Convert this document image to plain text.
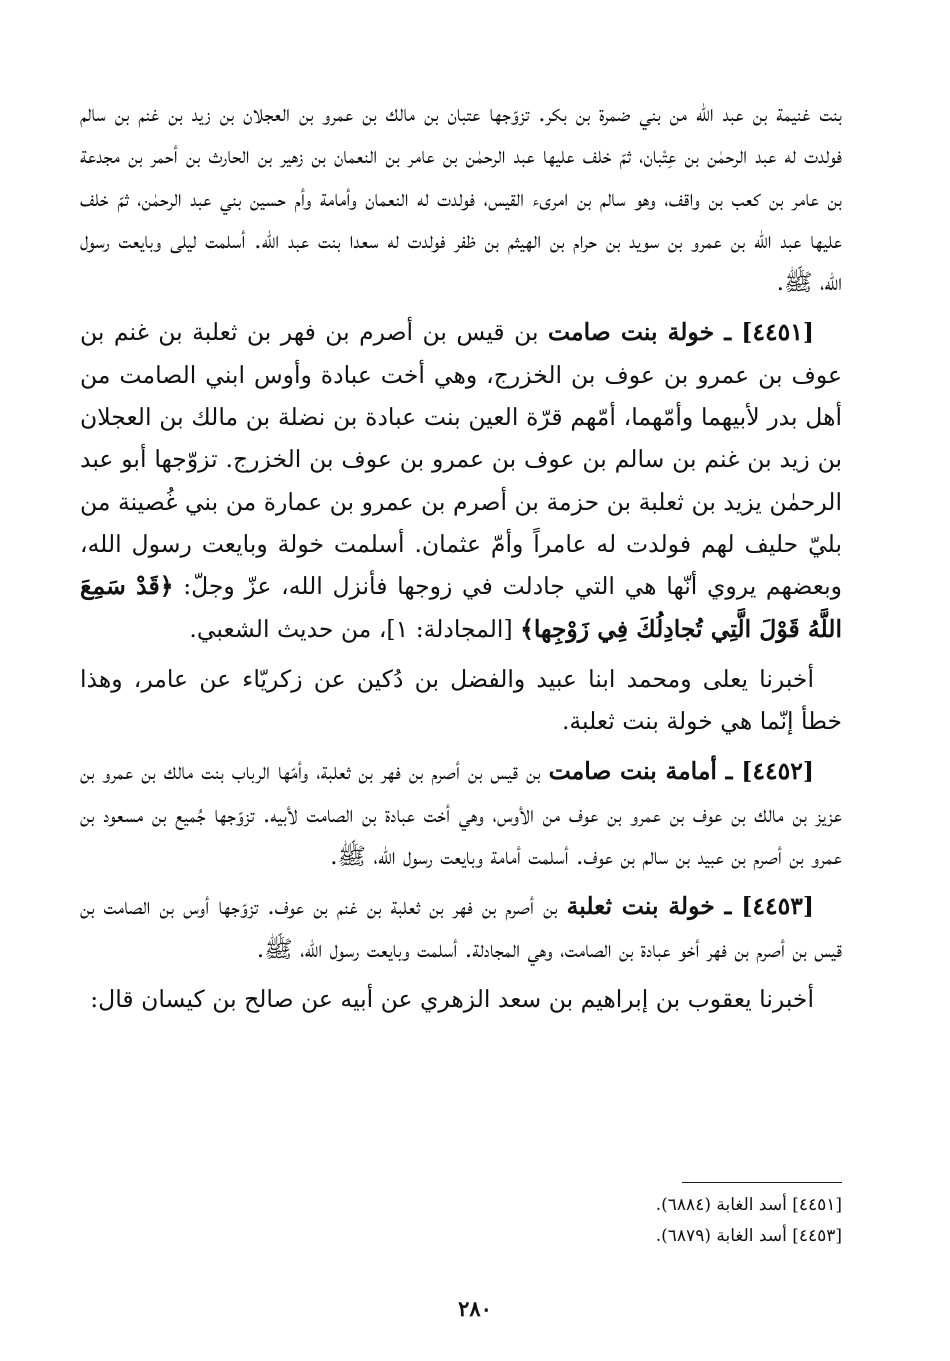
بنت غنيمة بن عبد الله من بني ضمرة بن بكر. تزوّجها عتبان بن مالك بن عمرو بن العجلان بن زيد بن غنم بن سالم فولدت له عبد الرحمٰن بن عِتْبان، ثمّ خلف عليها عبد الرحمٰن بن عامر بن النعمان بن زهير بن الحارث بن أحمر بن مجدعة بن عامر بن كعب بن واقف، وهو سالم بن امرىء القيس، فولدت له النعمان وأمامة وأم حسين بني عبد الرحمٰن، ثمّ خلف عليها عبد الله بن عمرو بن سويد بن حرام بن الهيثم بن ظفر فولدت له سعدا بنت عبد الله. أسلمت ليلى وبايعت رسول الله، ﷺ.

[٤٤٥١] ـ خولة بنت صامت بن قيس بن أصرم بن فهر بن ثعلبة بن غنم بن عوف بن عمرو بن عوف بن الخزرج، وهي أخت عبادة وأوس ابني الصامت من أهل بدر لأبيهما وأمّهما، أمّهم قرّة العين بنت عبادة بن نضلة بن مالك بن العجلان بن زيد بن غنم بن سالم بن عوف بن عمرو بن عوف بن الخزرج. تزوّجها أبو عبد الرحمٰن يزيد بن ثعلبة بن حزمة بن أصرم بن عمرو بن عمارة من بني غُصينة من بليّ حليف لهم فولدت له عامراً وأمّ عثمان. أسلمت خولة وبايعت رسول الله، وبعضهم يروي أنّها هي التي جادلت في زوجها فأنزل الله، عزّ وجلّ: ﴿قَدْ سَمِعَ اللَّهُ قَوْلَ الَّتِي تُجادِلُكَ فِي زَوْجِها﴾ [المجادلة: ١]، من حديث الشعبي.

أخبرنا يعلى ومحمد ابنا عبيد والفضل بن دُكين عن زكريّاء عن عامر، وهذا خطأ إنّما هي خولة بنت ثعلبة.

[٤٤٥٢] ـ أمامة بنت صامت بن قيس بن أصرم بن فهر بن ثعلبة، وأمّها الرباب بنت مالك بن عمرو بن عزيز بن مالك بن عوف بن عمرو بن عوف من الأوس، وهي أخت عبادة بن الصامت لأبيه. تزوّجها جُميع بن مسعود بن عمرو بن أصرم بن عبيد بن سالم بن عوف. أسلمت أمامة وبايعت رسول الله، ﷺ.

[٤٤٥٣] ـ خولة بنت ثعلبة بن أصرم بن فهر بن ثعلبة بن غنم بن عوف. تزوّجها أوس بن الصامت بن قيس بن أصرم بن فهر أخو عبادة بن الصامت، وهي المجادلة. أسلمت وبايعت رسول الله، ﷺ.

أخبرنا يعقوب بن إبراهيم بن سعد الزهري عن أبيه عن صالح بن كيسان قال:

[٤٤٥١] أسد الغابة (٦٨٨٤).
[٤٤٥٣] أسد الغابة (٦٨٧٩).
٢٨٠
